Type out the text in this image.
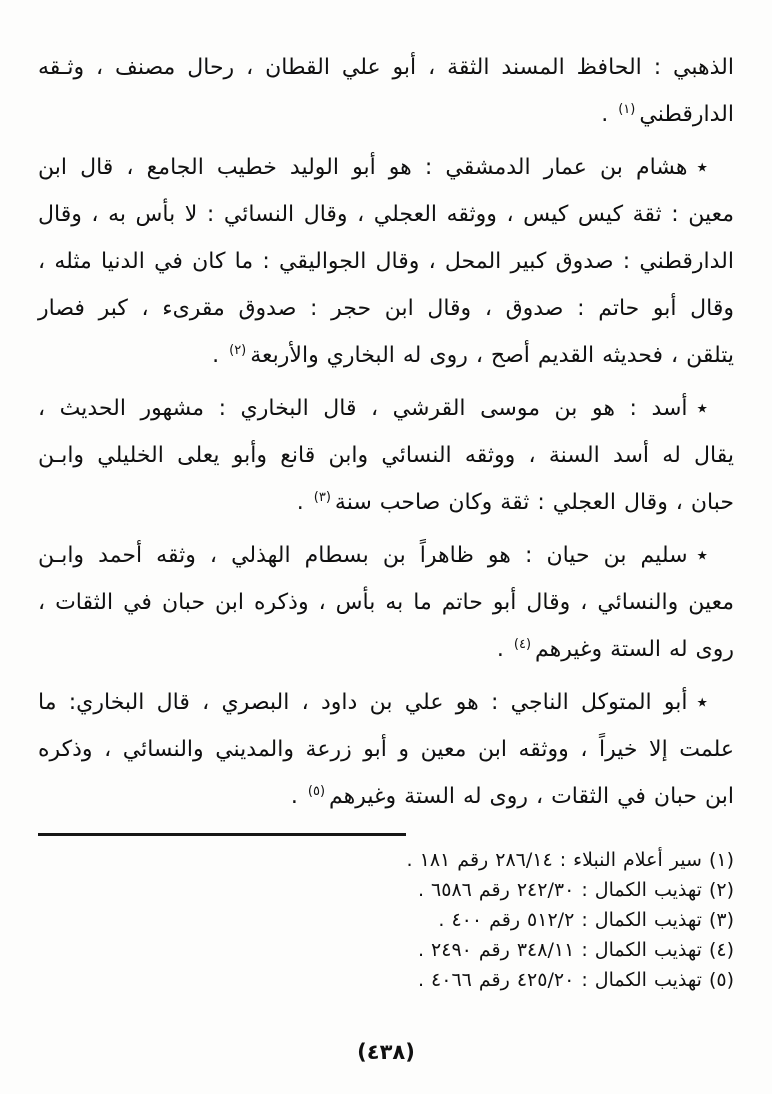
الذهبي : الحافظ المسند الثقة ، أبو علي القطان ، رحال مصنف ، وثـقه
الدارقطني$^{(١)}$ .
٭هشام بن عمار الدمشقي : هو أبو الوليد خطيب الجامع ، قال ابن
معين : ثقة كيس كيس ، ووثقه العجلي ، وقال النسائي : لا بأس به ، وقال
الدارقطني : صدوق كبير المحل ، وقال الجواليقي : ما كان في الدنيا مثله ،
وقال أبو حاتم : صدوق ، وقال ابن حجر : صدوق مقرىء ، كبر فصار
يتلقن ، فحديثه القديم أصح ، روى له البخاري والأربعة$^{(٢)}$ .
٭أسد : هو بن موسى القرشي ، قال البخاري : مشهور الحديث ،
يقال له أسد السنة ، ووثقه النسائي وابن قانع وأبو يعلى الخليلي وابـن
حبان ، وقال العجلي : ثقة وكان صاحب سنة$^{(٣)}$ .
٭سليم بن حيان : هو ظاهراً بن بسطام الهذلي ، وثقه أحمد وابـن
معين والنسائي ، وقال أبو حاتم ما به بأس ، وذكره ابن حبان في الثقات ،
روى له الستة وغيرهم$^{(٤)}$ .
٭أبو المتوكل الناجي : هو علي بن داود ، البصري ، قال البخاري: ما
علمت إلا خيراً ، ووثقه ابن معين و أبو زرعة والمديني والنسائي ، وذكره
ابن حبان في الثقات ، روى له الستة وغيرهم$^{(٥)}$ .
(١) سير أعلام النبلاء : ٢٨٦/١٤ رقم ١٨١ .
(٢) تهذيب الكمال : ٢٤٢/٣٠ رقم ٦٥٨٦ .
(٣) تهذيب الكمال : ٥١٢/٢ رقم ٤٠٠ .
(٤) تهذيب الكمال : ٣٤٨/١١ رقم ٢٤٩٠ .
(٥) تهذيب الكمال : ٤٢٥/٢٠ رقم ٤٠٦٦ .
(٤٣٨)
